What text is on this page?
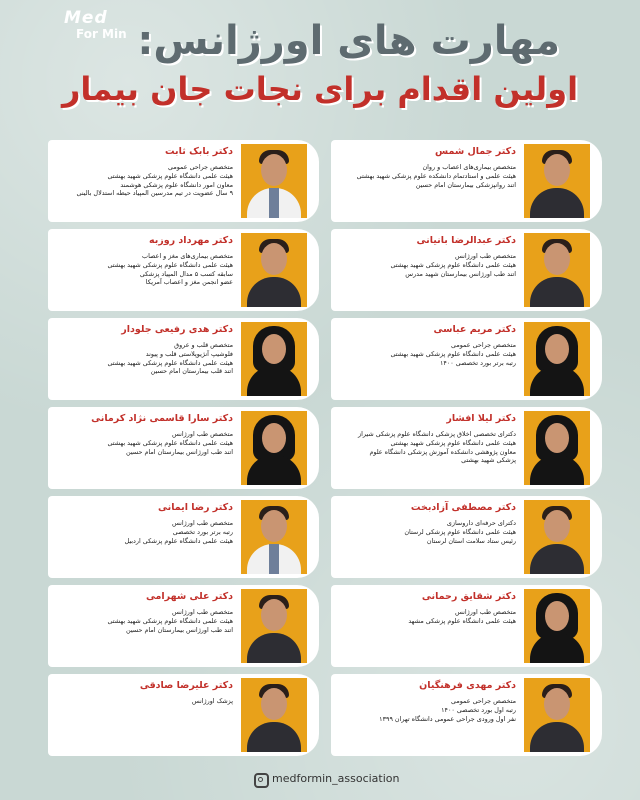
Med
For Min مهارت های اورژانس:
اولین اقدام برای نجات جان بیمار
دکتر بابک ثابت
متخصص جراحی عمومی
هیئت علمی دانشگاه علوم پزشکی شهید بهشتی
معاون امور دانشگاه علوم پزشکی هوشمند
۹ سال عضویت در تیم مدرسین المپیاد حیطه استدلال بالینی
دکتر مهرداد روزبه
متخصص بیماری‌های مغز و اعصاب
هیئت علمی دانشگاه علوم پزشکی شهید بهشتی
سابقه کسب ۵ مدال المپیاد پزشکی
عضو انجمن مغز و اعصاب آمریکا
دکتر هدی رفیعی جلودار
متخصص قلب و عروق
فلوشیپ آنژیوپلاستی قلب و پیوند
هیئت علمی دانشگاه علوم پزشکی شهید بهشتی
اتند قلب بیمارستان امام حسین
دکتر سارا قاسمی نژاد کرمانی
متخصص طب اورژانس
هیئت علمی دانشگاه علوم پزشکی شهید بهشتی
اتند طب اورژانس بیمارستان امام حسین
دکتر رضا ایمانی
متخصص طب اورژانس
رتبه برتر بورد تخصصی
هیئت علمی دانشگاه علوم پزشکی اردبیل
دکتر علی شهرامی
متخصص طب اورژانس
هیئت علمی دانشگاه علوم پزشکی شهید بهشتی
اتند طب اورژانس بیمارستان امام حسین
دکتر علیرضا صادقی
پزشک اورژانس
دکتر جمال شمس
متخصص بیماری‌های اعصاب و روان
هیئت علمی و استادتمام دانشکده علوم پزشکی شهید بهشتی
اتند روانپزشکی بیمارستان امام حسین
دکتر عبدالرضا بانیانی
متخصص طب اورژانس
هیئت علمی دانشگاه علوم پزشکی شهید بهشتی
اتند طب اورژانس بیمارستان شهید مدرس
دکتر مریم عباسی
متخصص جراحی عمومی
هیئت علمی دانشگاه علوم پزشکی شهید بهشتی
رتبه برتر بورد تخصصی ۱۴۰۰
دکتر لیلا افشار
دکترای تخصصی اخلاق پزشکی دانشگاه علوم پزشکی شیراز
هیئت علمی دانشگاه علوم پزشکی شهید بهشتی
معاون پژوهشی دانشکده آموزش پزشکی دانشگاه علوم
پزشکی شهید بهشتی
دکتر مصطفی آزادبخت
دکترای حرفه‌ای داروسازی
هیئت علمی دانشگاه علوم پزشکی لرستان
رئیس ستاد سلامت استان لرستان
دکتر شقایق رحمانی
متخصص طب اورژانس
هیئت علمی دانشگاه علوم پزشکی مشهد
دکتر مهدی فرهنگیان
متخصص جراحی عمومی
رتبه اول بورد تخصصی ۱۴۰۰
نفر اول ورودی جراحی عمومی دانشگاه تهران ۱۳۹۹
medformin_association
